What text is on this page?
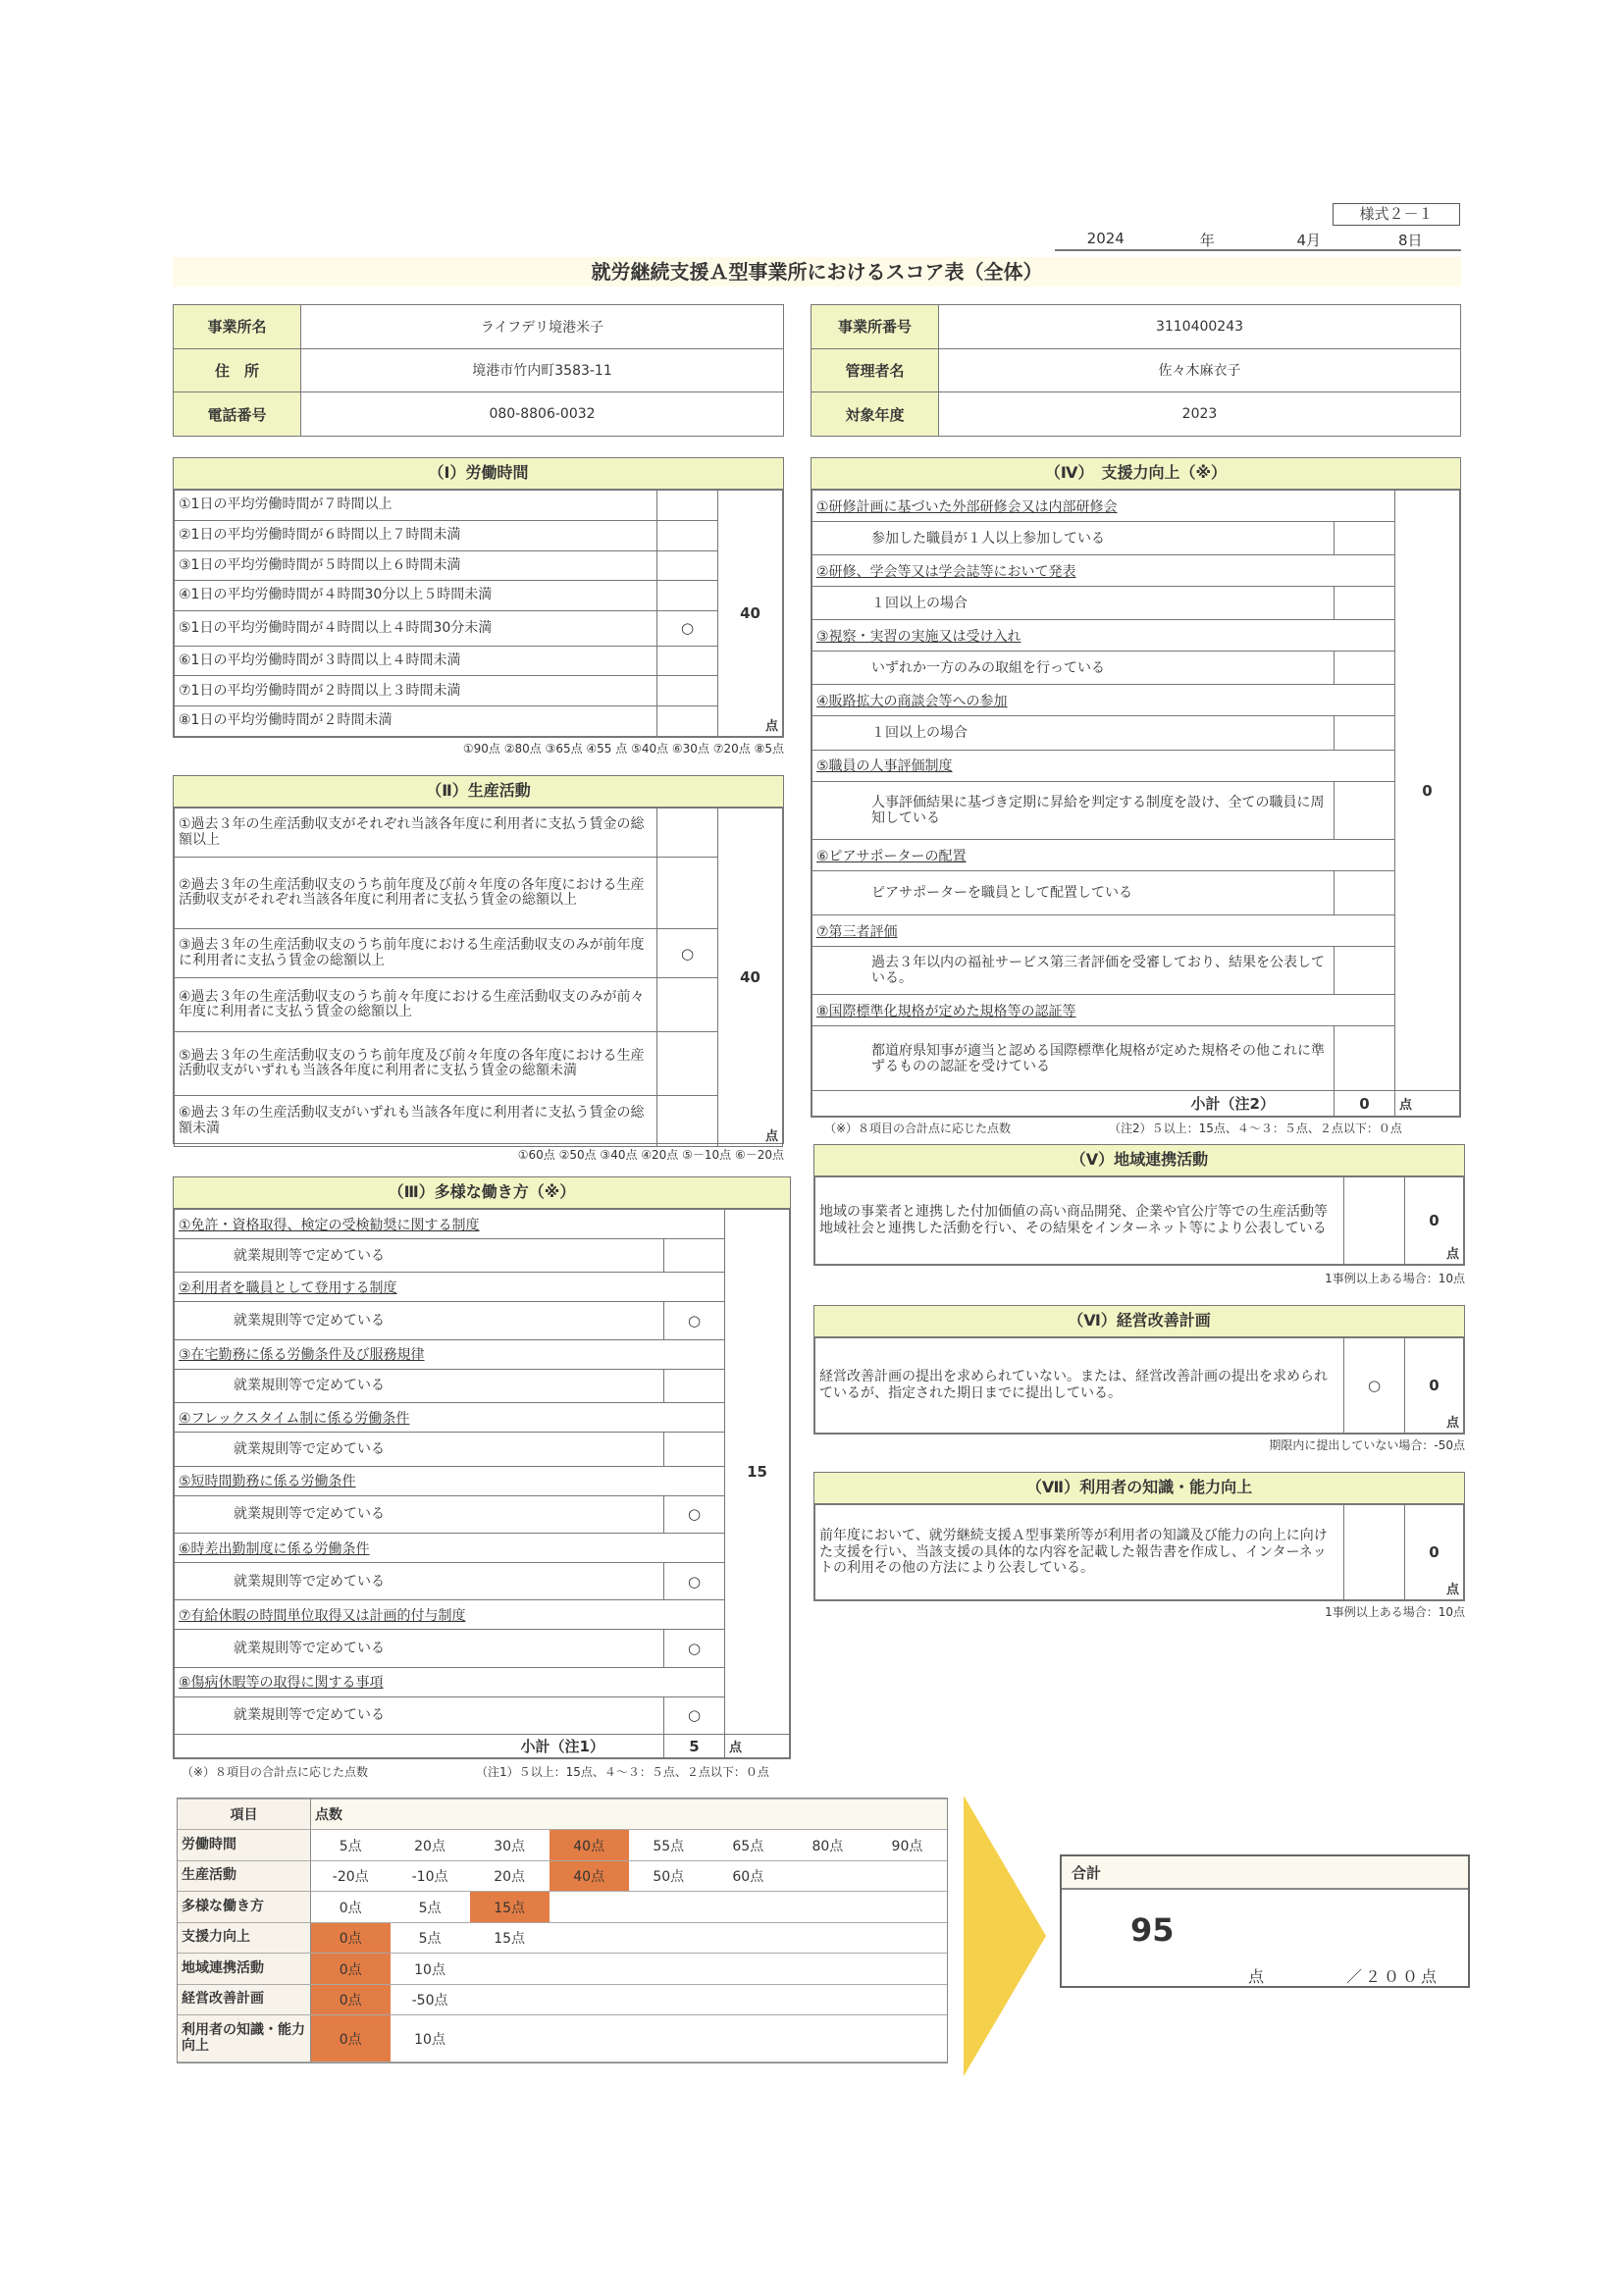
様式２－１
2024	年	4月	8日
就労継続支援Ａ型事業所におけるスコア表（全体）
事業所名	ライフデリ境港米子
住　所	境港市竹内町3583-11
電話番号	080-8806-0032
事業所番号	3110400243
管理者名	佐々木麻衣子
対象年度	2023
（Ⅰ）労働時間
①1日の平均労働時間が７時間以上		40
点

②1日の平均労働時間が６時間以上７時間未満		
③1日の平均労働時間が５時間以上６時間未満		
④1日の平均労働時間が４時間30分以上５時間未満		
⑤1日の平均労働時間が４時間以上４時間30分未満	○	
⑥1日の平均労働時間が３時間以上４時間未満		
⑦1日の平均労働時間が２時間以上３時間未満		
⑧1日の平均労働時間が２時間未満		
①90点 ②80点 ③65点 ④55 点 ⑤40点 ⑥30点 ⑦20点 ⑧5点
（Ⅱ）生産活動
①過去３年の生産活動収支がそれぞれ当該各年度に利用者に支払う賃金の総額以上		40
点

②過去３年の生産活動収支のうち前年度及び前々年度の各年度における生産活動収支がそれぞれ当該各年度に利用者に支払う賃金の総額以上		
③過去３年の生産活動収支のうち前年度における生産活動収支のみが前年度に利用者に支払う賃金の総額以上	○	
④過去３年の生産活動収支のうち前々年度における生産活動収支のみが前々年度に利用者に支払う賃金の総額以上		
⑤過去３年の生産活動収支のうち前年度及び前々年度の各年度における生産活動収支がいずれも当該各年度に利用者に支払う賃金の総額未満		
⑥過去３年の生産活動収支がいずれも当該各年度に利用者に支払う賃金の総額未満		
①60点 ②50点 ③40点 ④20点 ⑤－10点 ⑥－20点
（Ⅲ）多様な働き方（※）
①免許・資格取得、検定の受検勧奨に関する制度		15
就業規則等で定めている		
②利用者を職員として登用する制度		
就業規則等で定めている	○	
③在宅勤務に係る労働条件及び服務規律		
就業規則等で定めている		
④フレックスタイム制に係る労働条件		
就業規則等で定めている		
⑤短時間勤務に係る労働条件		
就業規則等で定めている	○	
⑥時差出勤制度に係る労働条件		
就業規則等で定めている	○	
⑦有給休暇の時間単位取得又は計画的付与制度		
就業規則等で定めている	○	
⑧傷病休暇等の取得に関する事項		
就業規則等で定めている	○	
小計（注1）	5	点
（※）８項目の合計点に応じた点数	（注1）５以上：15点、４〜３：５点、２点以下：０点
（Ⅳ）　支援力向上（※）
①研修計画に基づいた外部研修会又は内部研修会		0
参加した職員が１人以上参加している		
②研修、学会等又は学会誌等において発表		
１回以上の場合		
③視察・実習の実施又は受け入れ		
いずれか一方のみの取組を行っている		
④販路拡大の商談会等への参加		
１回以上の場合		
⑤職員の人事評価制度		
人事評価結果に基づき定期に昇給を判定する制度を設け、全ての職員に周知している		
⑥ピアサポーターの配置		
ピアサポーターを職員として配置している		
⑦第三者評価		
過去３年以内の福祉サービス第三者評価を受審しており、結果を公表している。		
⑧国際標準化規格が定めた規格等の認証等		
都道府県知事が適当と認める国際標準化規格が定めた規格その他これに準ずるものの認証を受けている		
小計（注2）	0	点
（※）８項目の合計点に応じた点数	（注2）５以上：15点、４〜３：５点、２点以下：０点
（Ⅴ）地域連携活動
地域の事業者と連携した付加価値の高い商品開発、企業や官公庁等での生産活動等地域社会と連携した活動を行い、その結果をインターネット等により公表している		0
点
1事例以上ある場合：10点
（Ⅵ）経営改善計画
経営改善計画の提出を求められていない。または、経営改善計画の提出を求められているが、指定された期日までに提出している。	○	0
点
期限内に提出していない場合：-50点
（Ⅶ）利用者の知識・能力向上
前年度において、就労継続支援Ａ型事業所等が利用者の知識及び能力の向上に向けた支援を行い、当該支援の具体的な内容を記載した報告書を作成し、インターネットの利用その他の方法により公表している。		0
点
1事例以上ある場合：10点
項目	点数							
労働時間	5点	20点	30点	40点	55点	65点	80点	90点
生産活動	-20点	-10点	20点	40点	50点	60点		
多様な働き方	0点	5点	15点					
支援力向上	0点	5点	15点					
地域連携活動	0点	10点						
経営改善計画	0点	-50点						
利用者の知識・能力向上	0点	10点						
合計
95
点	／２００点
